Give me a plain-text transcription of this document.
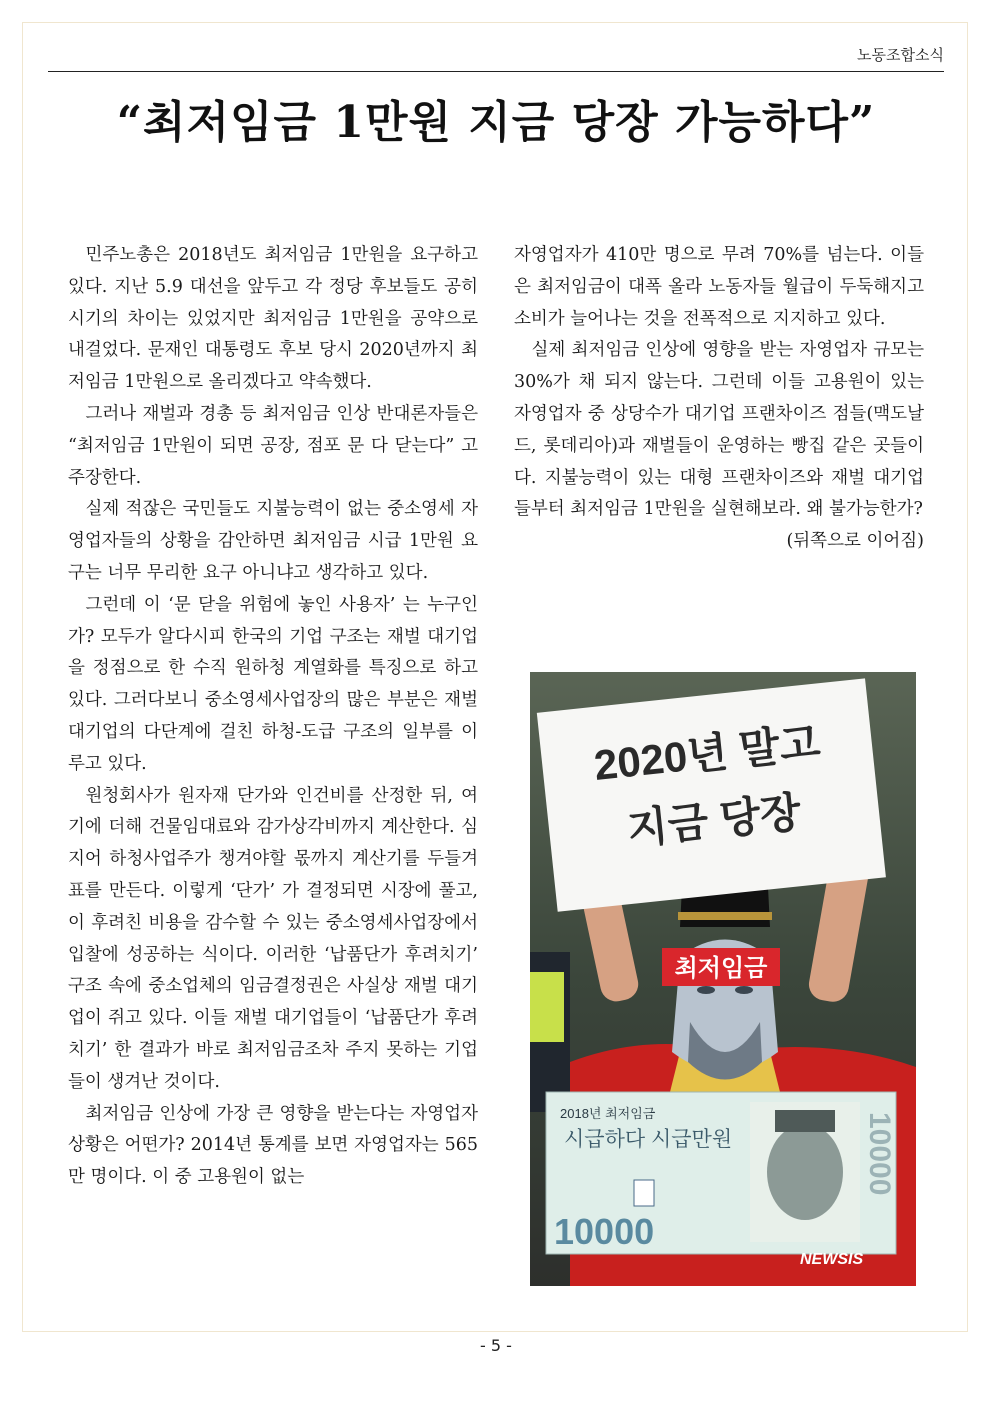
노동조합소식
“최저임금 1만원 지금 당장 가능하다”

민주노총은 2018년도 최저임금 1만원을 요구하고 있다. 지난 5.9 대선을 앞두고 각 정당 후보들도 공히 시기의 차이는 있었지만 최저임금 1만원을 공약으로 내걸었다. 문재인 대통령도 후보 당시 2020년까지 최저임금 1만원으로 올리겠다고 약속했다.

그러나 재벌과 경총 등 최저임금 인상 반대론자들은 “최저임금 1만원이 되면 공장, 점포 문 다 닫는다” 고 주장한다.

실제 적잖은 국민들도 지불능력이 없는 중소영세 자영업자들의 상황을 감안하면 최저임금 시급 1만원 요구는 너무 무리한 요구 아니냐고 생각하고 있다.

그런데 이 ‘문 닫을 위험에 놓인 사용자’ 는 누구인가? 모두가 알다시피 한국의 기업 구조는 재벌 대기업을 정점으로 한 수직 원하청 계열화를 특징으로 하고 있다. 그러다보니 중소영세사업장의 많은 부분은 재벌 대기업의 다단계에 걸친 하청-도급 구조의 일부를 이루고 있다.

원청회사가 원자재 단가와 인건비를 산정한 뒤, 여기에 더해 건물임대료와 감가상각비까지 계산한다. 심지어 하청사업주가 챙겨야할 몫까지 계산기를 두들겨 표를 만든다. 이렇게 ‘단가’ 가 결정되면 시장에 풀고, 이 후려친 비용을 감수할 수 있는 중소영세사업장에서 입찰에 성공하는 식이다. 이러한 ‘납품단가 후려치기’ 구조 속에 중소업체의 임금결정권은 사실상 재벌 대기업이 쥐고 있다. 이들 재벌 대기업들이 ‘납품단가 후려치기’ 한 결과가 바로 최저임금조차 주지 못하는 기업들이 생겨난 것이다.

최저임금 인상에 가장 큰 영향을 받는다는 자영업자 상황은 어떤가? 2014년 통계를 보면 자영업자는 565만 명이다. 이 중 고용원이 없는

자영업자가 410만 명으로 무려 70%를 넘는다. 이들은 최저임금이 대폭 올라 노동자들 월급이 두둑해지고 소비가 늘어나는 것을 전폭적으로 지지하고 있다.

실제 최저임금 인상에 영향을 받는 자영업자 규모는 30%가 채 되지 않는다. 그런데 이들 고용원이 있는 자영업자 중 상당수가 대기업 프랜차이즈 점들(맥도날드, 롯데리아)과 재벌들이 운영하는 빵집 같은 곳들이다. 지불능력이 있는 대형 프랜차이즈와 재벌 대기업들부터 최저임금 1만원을 실현해보라. 왜 불가능한가?

(뒤쪽으로 이어짐)

2020년 말고
지금 당장
최저임금
2018년 최저임금
시급하다 시급만원
10000
10000
NEWSIS
- 5 -
